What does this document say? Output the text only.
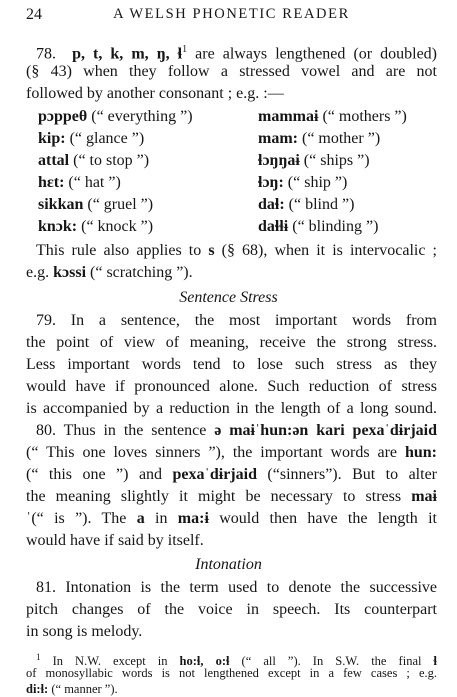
24	A WELSH PHONETIC READER
78. p, t, k, m, ŋ, ɬ$^1$ are always lengthened (or doubled)
(§ 43) when they follow a stressed vowel and are not
followed by another consonant ; e.g. :—
pɔppeθ (“ everything ”)	mammaɨ (“ mothers ”)
kip: (“ glance ”)	mam: (“ mother ”)
attal (“ to stop ”)	ɬɔŋŋaɨ (“ ships ”)
hɛt: (“ hat ”)	ɬɔŋ: (“ ship ”)
sikkan (“ gruel ”)	daɬ: (“ blind ”)
knɔk: (“ knock ”)	daɬɬɨ (“ blinding ”)
This rule also applies to s (§ 68), when it is intervocalic ;
e.g. kɔssi (“ scratching ”).
Sentence Stress
79. In a sentence, the most important words from
the point of view of meaning, receive the strong stress.
Less important words tend to lose such stress as they
would have if pronounced alone. Such reduction of stress
is accompanied by a reduction in the length of a long sound.
80. Thus in the sentence ə maɨˈhun:ən kari pexaˈdɨrjaid
(“ This one loves sinners ”), the important words are hun:
(“ this one ”) and pexaˈdɨrjaid (“sinners”). But to alter
the meaning slightly it might be necessary to stress maɨ
ˈ(“ is ”). The a in ma:ɨ would then have the length it
would have if said by itself.
Intonation
81. Intonation is the term used to denote the successive
pitch changes of the voice in speech. Its counterpart
in song is melody.
$^1$ In N.W. except in ho:ɬ, o:ɬ (“ all ”). In S.W. the final ɬ
of monosyllabic words is not lengthened except in a few cases ; e.g.
di:ɬ: (“ manner ”).
